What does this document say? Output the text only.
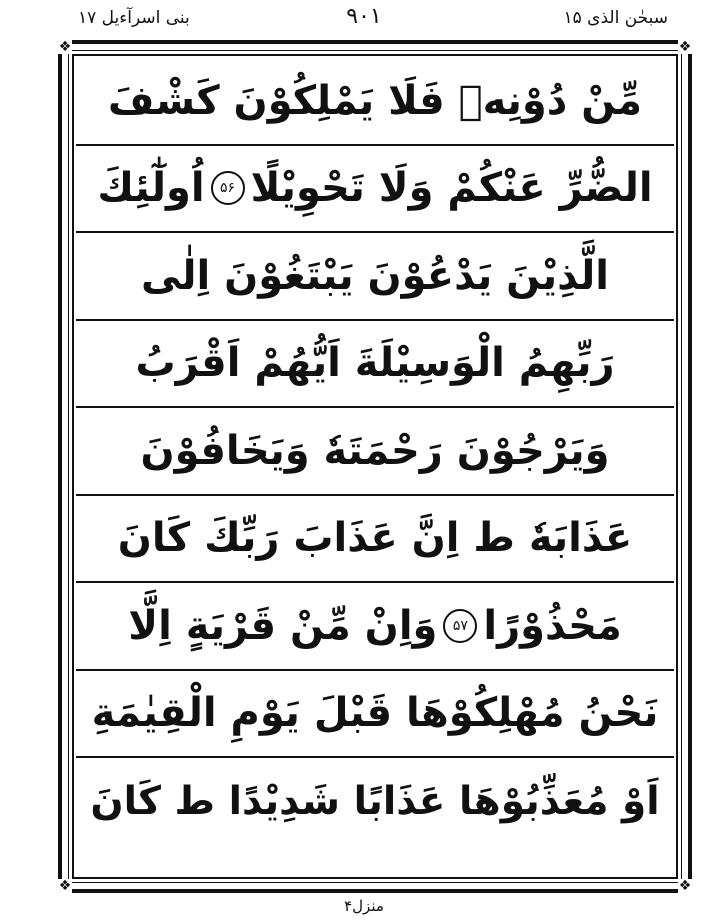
سبحٰن الذی ۱۵
۹۰۱
بنی اسرآءیل ۱۷
❖	❖
❖	❖
مِّنْ دُوْنِهٖ فَلَا يَمْلِكُوْنَ كَشْفَ
الضُّرِّ عَنْكُمْ وَلَا تَحْوِيْلًا
۵۶
اُولٰٓئِكَ
الَّذِيْنَ يَدْعُوْنَ يَبْتَغُوْنَ اِلٰى
رَبِّهِمُ الْوَسِيْلَةَ اَيُّهُمْ اَقْرَبُ
وَيَرْجُوْنَ رَحْمَتَهٗ وَيَخَافُوْنَ
عَذَابَهٗ ط اِنَّ عَذَابَ رَبِّكَ كَانَ
مَحْذُوْرًا
۵۷
وَاِنْ مِّنْ قَرْيَةٍ اِلَّا
نَحْنُ مُهْلِكُوْهَا قَبْلَ يَوْمِ الْقِيٰمَةِ
اَوْ مُعَذِّبُوْهَا عَذَابًا شَدِيْدًا ط كَانَ
منزل۴
